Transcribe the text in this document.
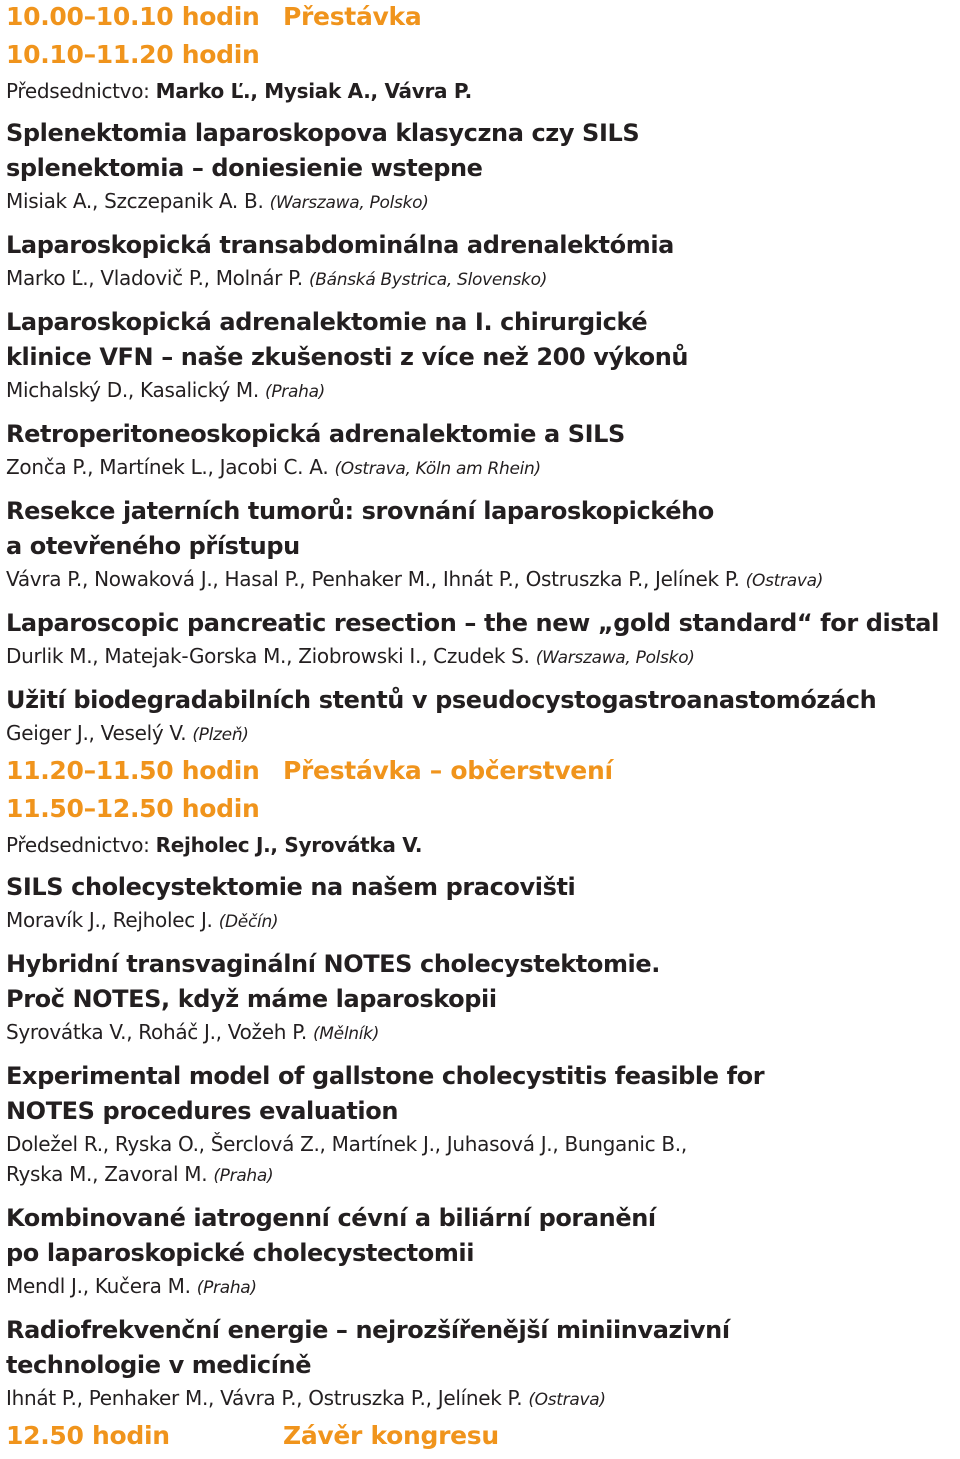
10.00–10.10 hodin Přestávka
10.10–11.20 hodin
Předsednictvo: Marko Ľ., Mysiak A., Vávra P.
Splenektomia laparoskopova klasyczna czy SILS
splenektomia – doniesienie wstepne
Misiak A., Szczepanik A. B. (Warszawa, Polsko)
Laparoskopická transabdominálna adrenalektómia
Marko Ľ., Vladovič P., Molnár P. (Bánská Bystrica, Slovensko)
Laparoskopická adrenalektomie na I. chirurgické
klinice VFN – naše zkušenosti z více než 200 výkonů
Michalský D., Kasalický M. (Praha)
Retroperitoneoskopická adrenalektomie a SILS
Zonča P., Martínek L., Jacobi C. A. (Ostrava, Köln am Rhein)
Resekce jaterních tumorů: srovnání laparoskopického
a otevřeného přístupu
Vávra P., Nowaková J., Hasal P., Penhaker M., Ihnát P., Ostruszka P., Jelínek P. (Ostrava)
Laparoscopic pancreatic resection – the new „gold standard“ for distal
Durlik M., Matejak-Gorska M., Ziobrowski I., Czudek S. (Warszawa, Polsko)
Užití biodegradabilních stentů v pseudocystogastroanastomózách
Geiger J., Veselý V. (Plzeň)
11.20–11.50 hodin Přestávka – občerstvení
11.50–12.50 hodin
Předsednictvo: Rejholec J., Syrovátka V.
SILS cholecystektomie na našem pracovišti
Moravík J., Rejholec J. (Děčín)
Hybridní transvaginální NOTES cholecystektomie.
Proč NOTES, když máme laparoskopii
Syrovátka V., Roháč J., Vožeh P. (Mělník)
Experimental model of gallstone cholecystitis feasible for
NOTES procedures evaluation
Doležel R., Ryska O., Šerclová Z., Martínek J., Juhasová J., Bunganic B.,
Ryska M., Zavoral M. (Praha)
Kombinované iatrogenní cévní a biliární poranění
po laparoskopické cholecystectomii
Mendl J., Kučera M. (Praha)
Radiofrekvenční energie – nejrozšířenější miniinvazivní
technologie v medicíně
Ihnát P., Penhaker M., Vávra P., Ostruszka P., Jelínek P. (Ostrava)
12.50 hodin	Závěr kongresu
